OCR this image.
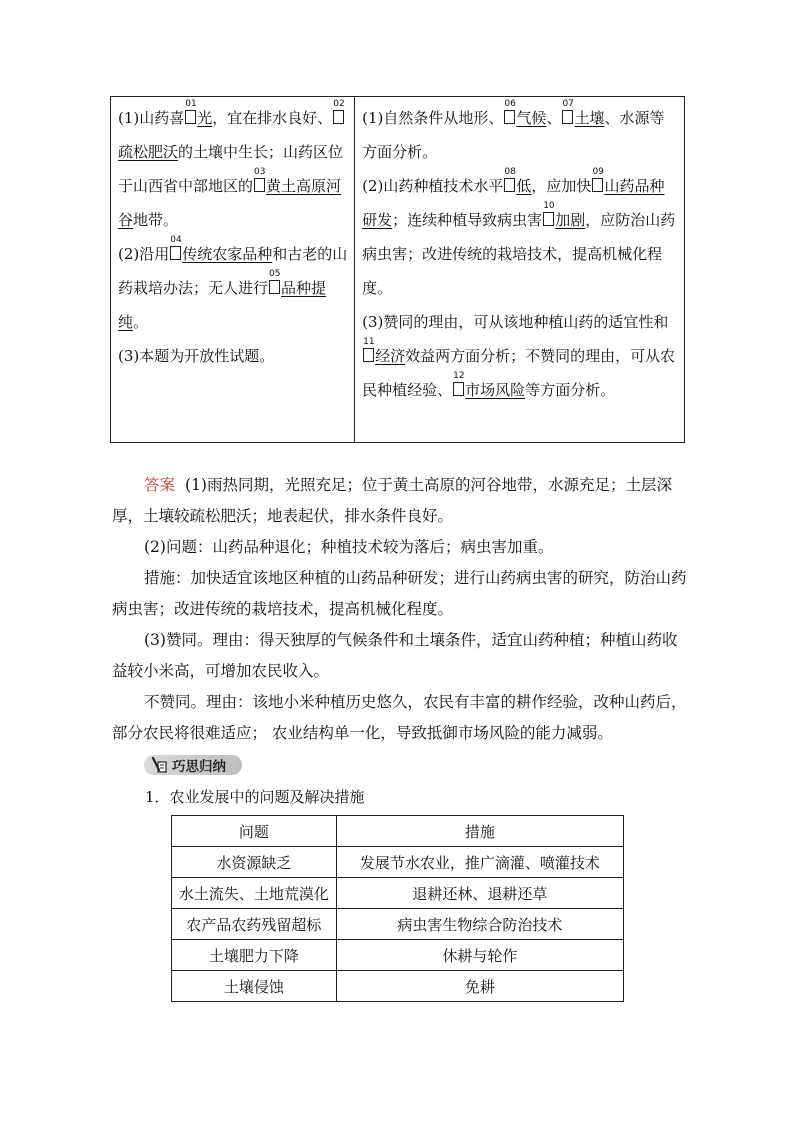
(1)山药喜
01
光，宜在排水良好、
02
疏松肥沃的土壤中生长；山药区位于山西省中部地区的
03
黄土高原河谷地带。

(2)沿用
04
传统农家品种和古老的山药栽培办法；无人进行
05
品种提纯。

(3)本题为开放性试题。

(1)自然条件从地形、
06
气候、
07
土壤、水源等方面分析。

(2)山药种植技术水平
08
低，应加快
09
山药品种研发；连续种植导致病虫害
10
加剧，应防治山药病虫害；改进传统的栽培技术，提高机械化程度。

(3)赞同的理由，可从该地种植山药的适宜性和
11
经济效益两方面分析；不赞同的理由，可从农民种植经验、
12
市场风险等方面分析。

答案 (1)雨热同期，光照充足；位于黄土高原的河谷地带，水源充足；土层深厚，土壤较疏松肥沃；地表起伏，排水条件良好。

(2)问题：山药品种退化；种植技术较为落后；病虫害加重。

措施：加快适宜该地区种植的山药品种研发；进行山药病虫害的研究，防治山药病虫害；改进传统的栽培技术，提高机械化程度。

(3)赞同。理由：得天独厚的气候条件和土壤条件，适宜山药种植；种植山药收益较小米高，可增加农民收入。

不赞同。理由：该地小米种植历史悠久，农民有丰富的耕作经验，改种山药后，部分农民将很难适应； 农业结构单一化，导致抵御市场风险的能力减弱。

巧思归纳
1．农业发展中的问题及解决措施
问题	措施
水资源缺乏	发展节水农业，推广滴灌、喷灌技术
水土流失、土地荒漠化	退耕还林、退耕还草
农产品农药残留超标	病虫害生物综合防治技术
土壤肥力下降	休耕与轮作
土壤侵蚀	免耕
